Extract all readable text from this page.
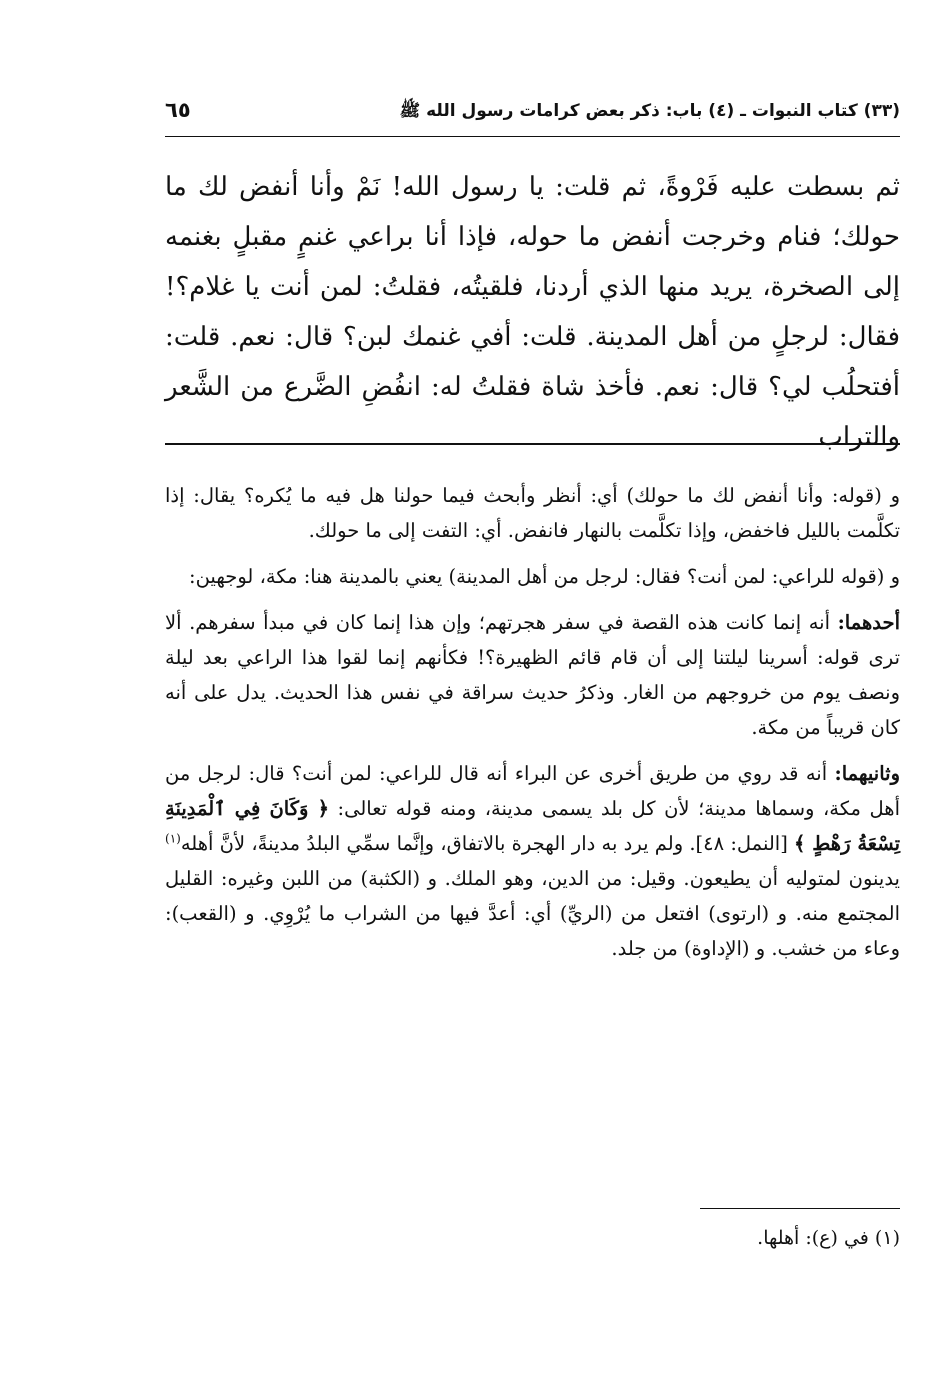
(٣٣) كتاب النبوات ـ (٤) باب: ذكر بعض كرامات رسول الله ﷺ
٦٥

ثم بسطت عليه فَرْوةً، ثم قلت: يا رسول الله! نَمْ وأنا أنفض لك ما حولك؛ فنام وخرجت أنفض ما حوله، فإذا أنا براعي غنمٍ مقبلٍ بغنمه إلى الصخرة، يريد منها الذي أردنا، فلقيتُه، فقلتُ: لمن أنت يا غلام؟! فقال: لرجلٍ من أهل المدينة. قلت: أفي غنمك لبن؟ قال: نعم. قلت: أفتحلُب لي؟ قال: نعم. فأخذ شاة فقلتُ له: انفُضِ الضَّرع من الشَّعر والتراب

و (قوله: وأنا أنفض لك ما حولك) أي: أنظر وأبحث فيما حولنا هل فيه ما يُكره؟ يقال: إذا تكلَّمت بالليل فاخفض، وإذا تكلَّمت بالنهار فانفض. أي: التفت إلى ما حولك.

و (قوله للراعي: لمن أنت؟ فقال: لرجل من أهل المدينة) يعني بالمدينة هنا: مكة، لوجهين:

أحدهما: أنه إنما كانت هذه القصة في سفر هجرتهم؛ وإن هذا إنما كان في مبدأ سفرهم. ألا ترى قوله: أسرينا ليلتنا إلى أن قام قائم الظهيرة؟! فكأنهم إنما لقوا هذا الراعي بعد ليلة ونصف يوم من خروجهم من الغار. وذكرُ حديث سراقة في نفس هذا الحديث. يدل على أنه كان قريباً من مكة.

وثانيهما: أنه قد روي من طريق أخرى عن البراء أنه قال للراعي: لمن أنت؟ قال: لرجل من أهل مكة، وسماها مدينة؛ لأن كل بلد يسمى مدينة، ومنه قوله تعالى: ﴿ وَكَانَ فِي ٱلْمَدِينَةِ تِسْعَةُ رَهْطٍ ﴾ [النمل: ٤٨]. ولم يرد به دار الهجرة بالاتفاق، وإنَّما سمِّي البلدُ مدينةً، لأنَّ أهله$^{(١)}$ يدينون لمتوليه أن يطيعون. وقيل: من الدين، وهو الملك. و (الكثبة) من اللبن وغيره: القليل المجتمع منه. و (ارتوى) افتعل من (الريِّ) أي: أعدَّ فيها من الشراب ما يُرْوِي. و (القعب): وعاء من خشب. و (الإداوة) من جلد.

(١) في (ع): أهلها.
